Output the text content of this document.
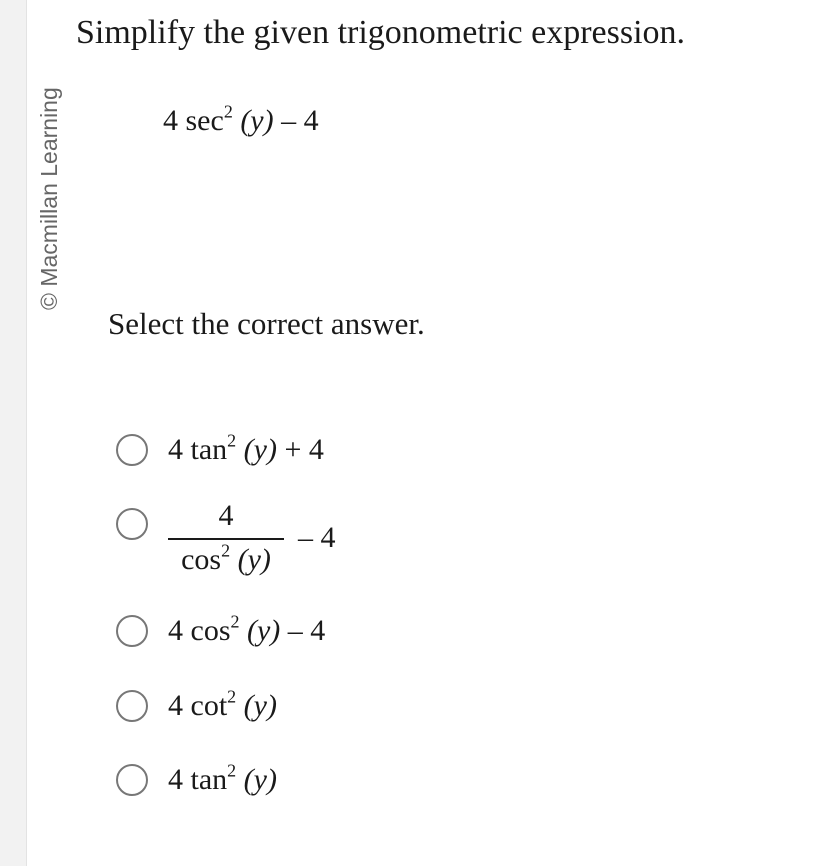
© Macmillan Learning
Simplify the given trigonometric expression.
4 $\sec^2 (y) - 4$
Select the correct answer.
4 $\tan^2 (y) + 4$
$\frac{4}{\cos^2 (y)} - 4$
4 $\cos^2 (y) - 4$
4 $\cot^2 (y)$
4 $\tan^2 (y)$
